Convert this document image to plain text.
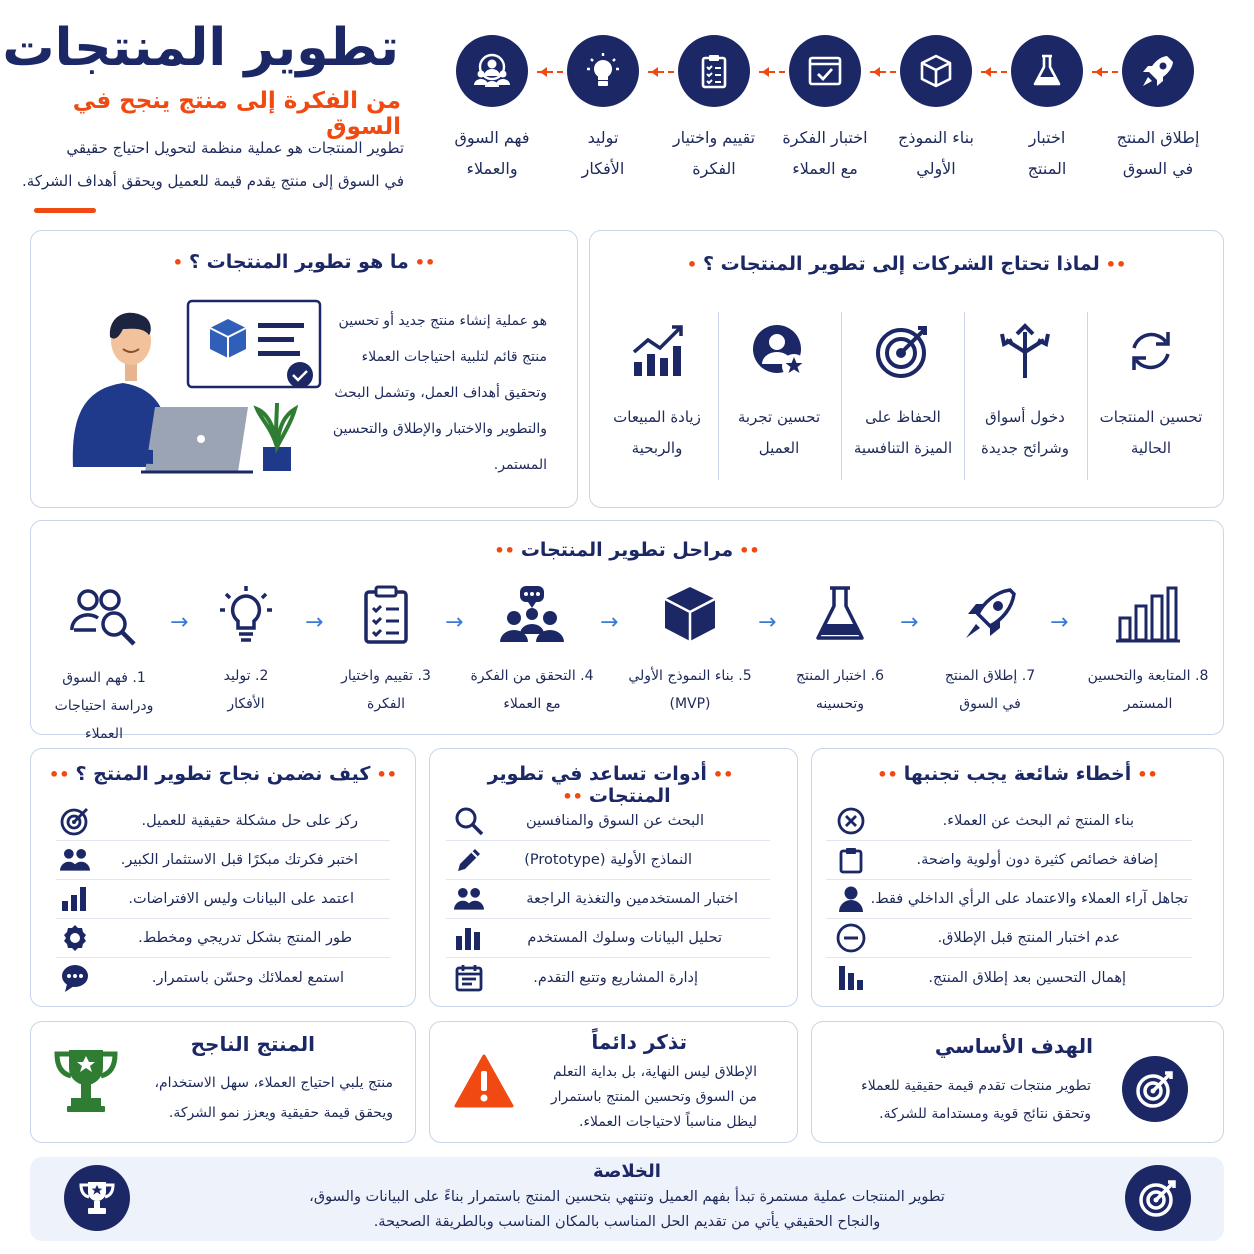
تطوير المنتجات
من الفكرة إلى منتج ينجح في السوق
تطوير المنتجات هو عملية منظمة لتحويل احتياج حقيقي
في السوق إلى منتج يقدم قيمة للعميل ويحقق أهداف الشركة.
إطلاق المنتج
في السوق
اختبار
المنتج
بناء النموذج
الأولي
اختبار الفكرة
مع العملاء
تقييم واختيار
الفكرة
توليد
الأفكار
فهم السوق
والعملاء
••ما هو تطوير المنتجات ؟•
هو عملية إنشاء منتج جديد أو تحسين
منتج قائم لتلبية احتياجات العملاء
وتحقيق أهداف العمل، وتشمل البحث
والتطوير والاختبار والإطلاق والتحسين
المستمر.
••لماذا تحتاج الشركات إلى تطوير المنتجات ؟•
تحسين المنتجات
الحالية
دخول أسواق
وشرائح جديدة
الحفاظ على
الميزة التنافسية
تحسين تجربة
العميل
زيادة المبيعات
والربحية
••مراحل تطوير المنتجات••
8. المتابعة والتحسين
المستمر
→
7. إطلاق المنتج
في السوق
→
6. اختبار المنتج
وتحسينه
→
5. بناء النموذج الأولي
(MVP)
→
4. التحقق من الفكرة
مع العملاء
→
3. تقييم واختيار
الفكرة
→
2. توليد
الأفكار
→
1. فهم السوق
ودراسة احتياجات العملاء
••أخطاء شائعة يجب تجنبها••
بناء المنتج ثم البحث عن العملاء.
إضافة خصائص كثيرة دون أولوية واضحة.
تجاهل آراء العملاء والاعتماد على الرأي الداخلي فقط.
عدم اختبار المنتج قبل الإطلاق.
إهمال التحسين بعد إطلاق المنتج.
••أدوات تساعد في تطوير المنتجات••
البحث عن السوق والمنافسين
النماذج الأولية (Prototype)
اختبار المستخدمين والتغذية الراجعة
تحليل البيانات وسلوك المستخدم
إدارة المشاريع وتتبع التقدم.
••كيف نضمن نجاح تطوير المنتج ؟••
ركز على حل مشكلة حقيقية للعميل.
اختبر فكرتك مبكرًا قبل الاستثمار الكبير.
اعتمد على البيانات وليس الافتراضات.
طور المنتج بشكل تدريجي ومخطط.
استمع لعملائك وحسّن باستمرار.
الهدف الأساسي
تطوير منتجات تقدم قيمة حقيقية للعملاء
وتحقق نتائج قوية ومستدامة للشركة.
تذكر دائماً
الإطلاق ليس النهاية، بل بداية التعلم
من السوق وتحسين المنتج باستمرار
ليظل مناسباً لاحتياجات العملاء.
المنتج الناجح
منتج يلبي احتياج العملاء، سهل الاستخدام،
ويحقق قيمة حقيقية ويعزز نمو الشركة.
الخلاصة
تطوير المنتجات عملية مستمرة تبدأ بفهم العميل وتنتهي بتحسين المنتج باستمرار بناءً على البيانات والسوق،
والنجاح الحقيقي يأتي من تقديم الحل المناسب بالمكان المناسب وبالطريقة الصحيحة.
